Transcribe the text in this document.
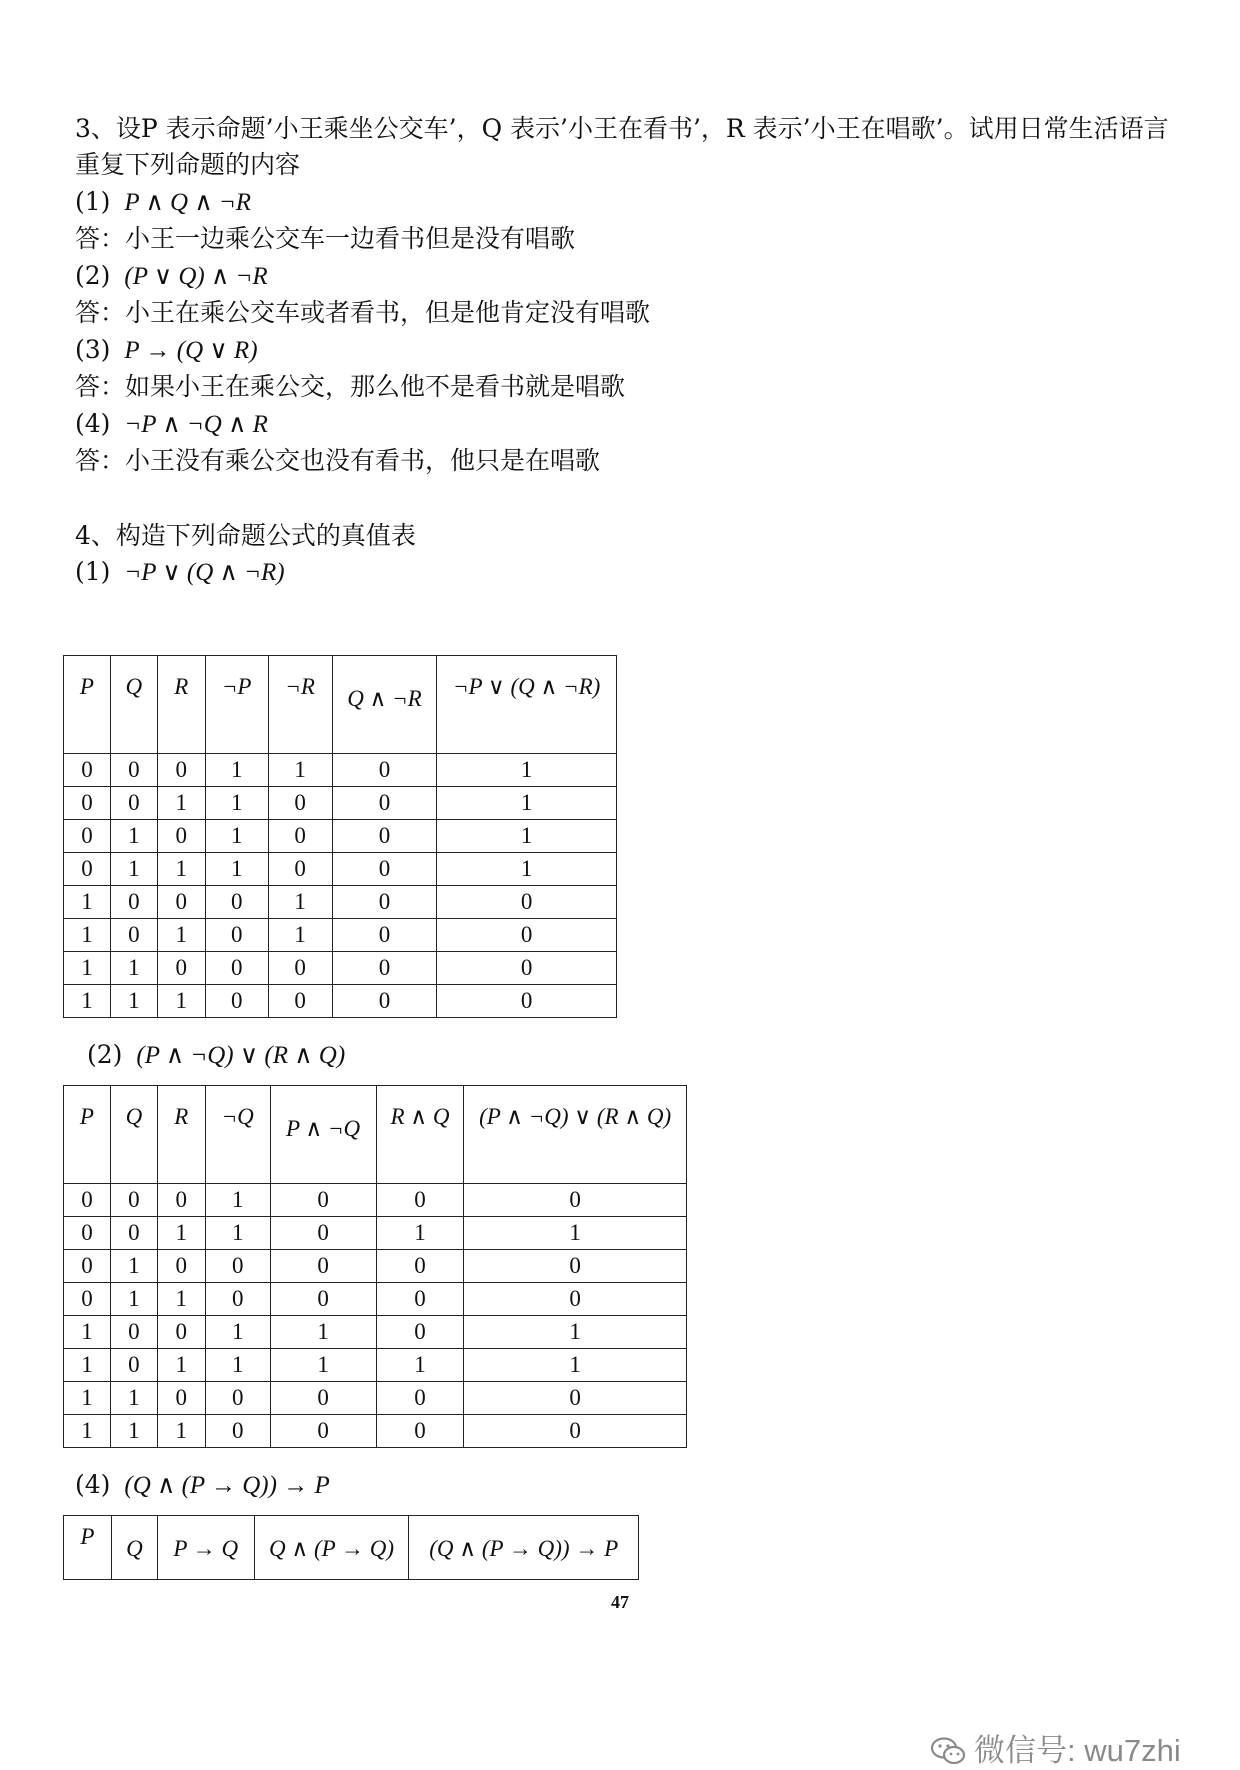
3、设P 表示命题’小王乘坐公交车’，Q 表示’小王在看书’，R 表示’小王在唱歌’。试用日常生活语言
重复下列命题的内容
(1) P ∧ Q ∧ ¬R
答：小王一边乘公交车一边看书但是没有唱歌
(2) (P ∨ Q) ∧ ¬R
答：小王在乘公交车或者看书，但是他肯定没有唱歌
(3) P → (Q ∨ R)
答：如果小王在乘公交，那么他不是看书就是唱歌
(4) ¬P ∧ ¬Q ∧ R
答：小王没有乘公交也没有看书，他只是在唱歌
4、构造下列命题公式的真值表
(1) ¬P ∨ (Q ∧ ¬R)
P	Q	R	¬P	¬R	Q ∧ ¬R	¬P ∨ (Q ∧ ¬R)
0	0	0	1	1	0	1
0	0	1	1	0	0	1
0	1	0	1	0	0	1
0	1	1	1	0	0	1
1	0	0	0	1	0	0
1	0	1	0	1	0	0
1	1	0	0	0	0	0
1	1	1	0	0	0	0
(2) (P ∧ ¬Q) ∨ (R ∧ Q)
P	Q	R	¬Q	P ∧ ¬Q	R ∧ Q	(P ∧ ¬Q) ∨ (R ∧ Q)
0	0	0	1	0	0	0
0	0	1	1	0	1	1
0	1	0	0	0	0	0
0	1	1	0	0	0	0
1	0	0	1	1	0	1
1	0	1	1	1	1	1
1	1	0	0	0	0	0
1	1	1	0	0	0	0
(4) (Q ∧ (P → Q)) → P
P	Q	P → Q	Q ∧ (P → Q)	(Q ∧ (P → Q)) → P
47
微信号: wu7zhi
